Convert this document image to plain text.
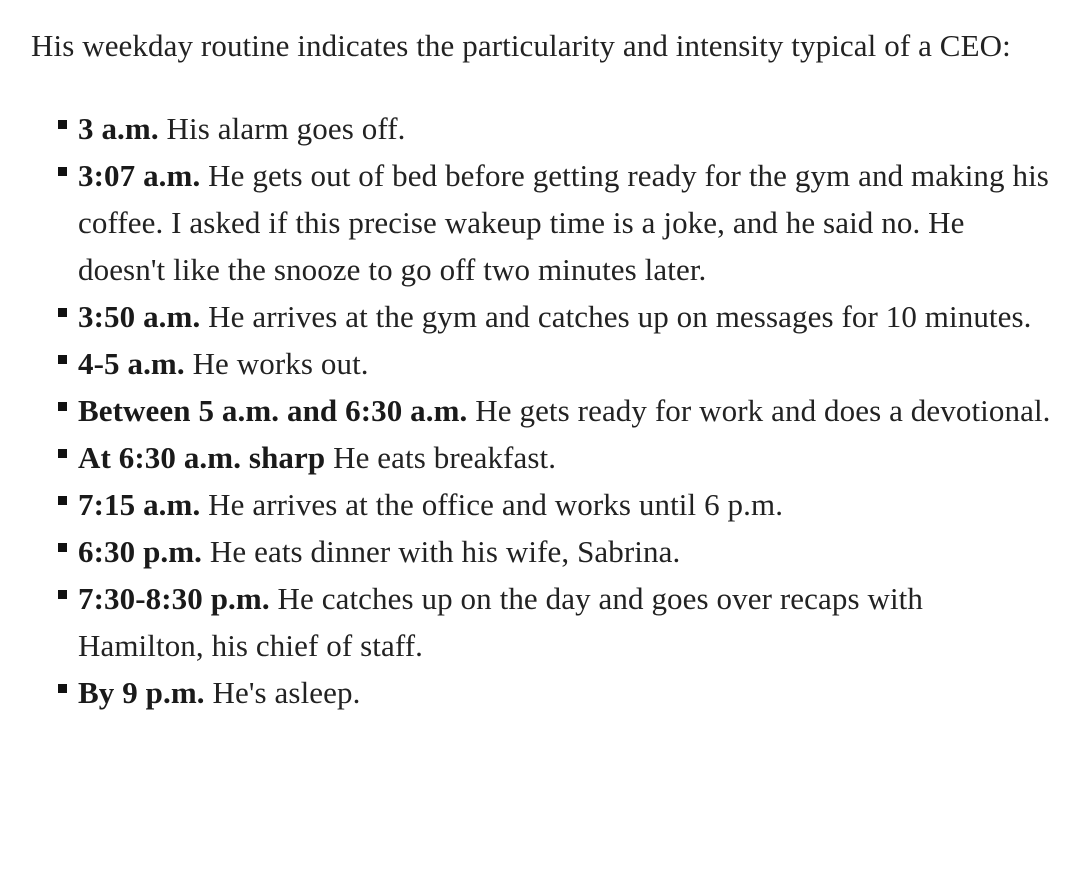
His weekday routine indicates the particularity and intensity typical of a CEO:

3 a.m. His alarm goes off.
3:07 a.m. He gets out of bed before getting ready for the gym and making his coffee. I asked if this precise wakeup time is a joke, and he said no. He doesn't like the snooze to go off two minutes later.
3:50 a.m. He arrives at the gym and catches up on messages for 10 minutes.
4-5 a.m. He works out.
Between 5 a.m. and 6:30 a.m. He gets ready for work and does a devotional.
At 6:30 a.m. sharp He eats breakfast.
7:15 a.m. He arrives at the office and works until 6 p.m.
6:30 p.m. He eats dinner with his wife, Sabrina.
7:30-8:30 p.m. He catches up on the day and goes over recaps with Hamilton, his chief of staff.
By 9 p.m. He's asleep.
